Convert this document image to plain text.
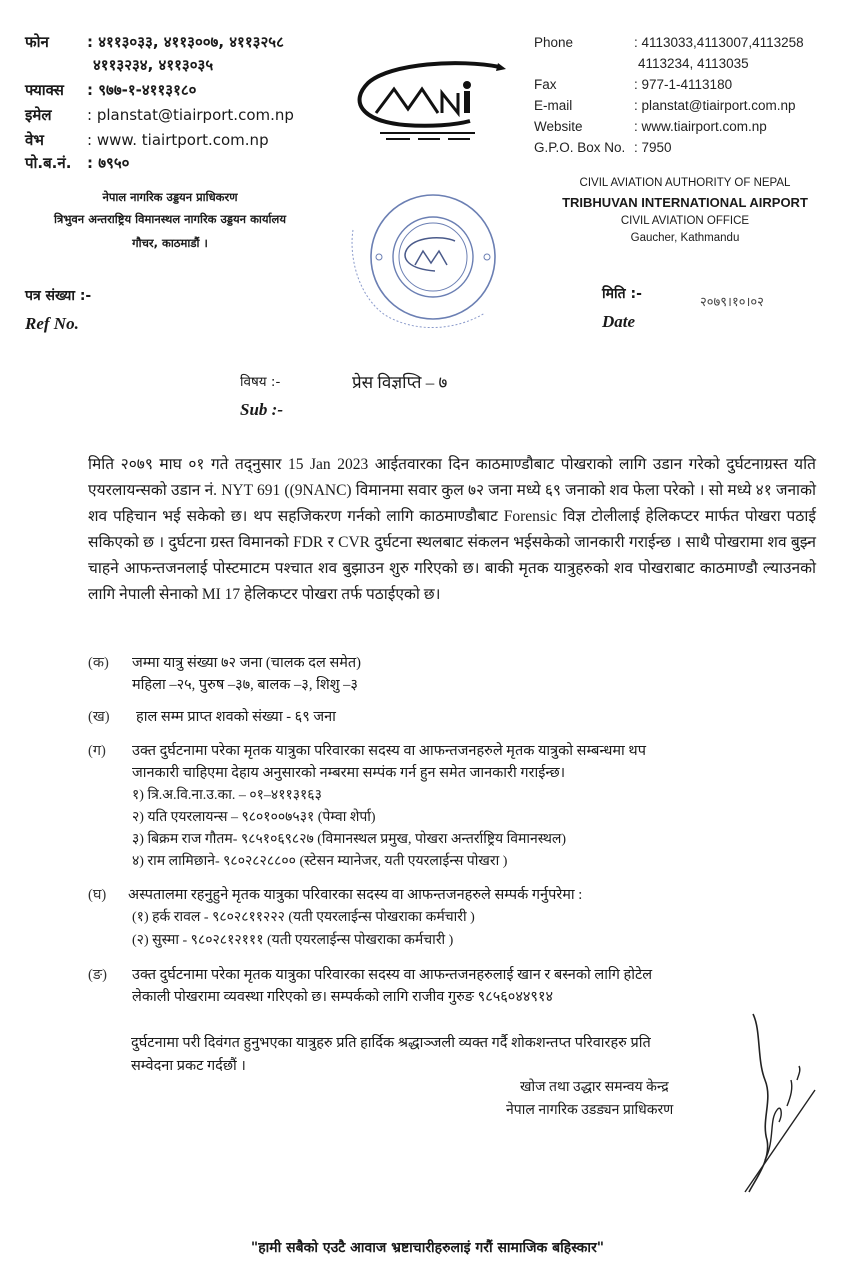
फोन	: ४११३०३३, ४११३००७, ४११३२५८
४११३२३४, ४११३०३५
फ्याक्स : ९७७-१-४११३१८०
इमेल : planstat@tiairport.com.np
वेभ	: www. tiairtport.com.np
पो.ब.नं. : ७९५०
नेपाल नागरिक उड्डयन प्राधिकरण
त्रिभुवन अन्तराष्ट्रिय विमानस्थल नागरिक उड्डयन कार्यालय
गौचर, काठमाडौं ।
Phone	: 4113033,4113007,4113258
4113234, 4113035
Fax	: 977-1-4113180
E-mail	: planstat@tiairport.com.np
Website	: www.tiairport.com.np
G.P.O. Box No. : 7950
CIVIL AVIATION AUTHORITY OF NEPAL
TRIBHUVAN INTERNATIONAL AIRPORT
CIVIL AVIATION OFFICE
Gaucher, Kathmandu
पत्र संख्या :-
Ref No.
मिति :-
Date
२०७९।१०।०२
विषय :-
Sub :-
प्रेस विज्ञप्ति – ७
मिति २०७९ माघ ०१ गते तद्नुसार 15 Jan 2023 आईतवारका दिन काठमाण्डौबाट पोखराको लागि उडान गरेको दुर्घटनाग्रस्त यति एयरलायन्सको उडान नं. NYT 691 ((9NANC) विमानमा सवार कुल ७२ जना मध्ये ६९ जनाको शव फेला परेको । सो मध्ये ४१ जनाको शव पहिचान भई सकेको छ। थप सहजिकरण गर्नको लागि काठमाण्डौबाट Forensic विज्ञ टोलीलाई हेलिकप्टर मार्फत पोखरा पठाई सकिएको छ । दुर्घटना ग्रस्त विमानको FDR र CVR दुर्घटना स्थलबाट संकलन भईसकेको जानकारी गराईन्छ । साथै पोखरामा शव बुझ्न चाहने आफन्तजनलाई पोस्टमाटम पश्चात शव बुझाउन शुरु गरिएको छ। बाकी मृतक यात्रुहरुको शव पोखराबाट काठमाण्डौ ल्याउनको लागि नेपाली सेनाको MI 17 हेलिकप्टर पोखरा तर्फ पठाईएको छ।
(क) जम्मा यात्रु संख्या ७२ जना (चालक दल समेत)
महिला –२५, पुरुष –३७, बालक –३, शिशु –३
(ख) हाल सम्म प्राप्त शवको संख्या - ६९ जना
(ग) उक्त दुर्घटनामा परेका मृतक यात्रुका परिवारका सदस्य वा आफन्तजनहरुले मृतक यात्रुको सम्बन्धमा थप
जानकारी चाहिएमा देहाय अनुसारको नम्बरमा सम्पंक गर्न हुन समेत जानकारी गराईन्छ।
१) त्रि.अ.वि.ना.उ.का. – ०१–४११३१६३
२) यति एयरलायन्स – ९८०१००७५३१ (पेम्वा शेर्पा)
३) बिक्रम राज गौतम- ९८५१०६९८२७ (विमानस्थल प्रमुख, पोखरा अन्तर्राष्ट्रिय विमानस्थल)
४) राम लामिछाने- ९८०२८२८८०० (स्टेसन म्यानेजर, यती एयरलाईन्स पोखरा )
(घ) अस्पतालमा रहनुहुने मृतक यात्रुका परिवारका सदस्य वा आफन्तजनहरुले सम्पर्क गर्नुपरेमा :
(१) हर्क रावल - ९८०२८११२२२ (यती एयरलाईन्स पोखराका कर्मचारी )
(२) सुस्मा - ९८०२८१२१११ (यती एयरलाईन्स पोखराका कर्मचारी )
(ङ) उक्त दुर्घटनामा परेका मृतक यात्रुका परिवारका सदस्य वा आफन्तजनहरुलाई खान र बस्नको लागि होटेल
लेकाली पोखरामा व्यवस्था गरिएको छ। सम्पर्कको लागि राजीव गुरुङ ९८५६०४४९१४
दुर्घटनामा परी दिवंगत हुनुभएका यात्रुहरु प्रति हार्दिक श्रद्धाञ्जली व्यक्त गर्दै शोकशन्तप्त परिवारहरु प्रति
सम्वेदना प्रकट गर्दछौं ।
खोज तथा उद्धार समन्वय केन्द्र
नेपाल नागरिक उडड्यन प्राधिकरण
"हामी सबैको एउटै आवाज भ्रष्टाचारीहरुलाइं गरौं सामाजिक बहिस्कार"
